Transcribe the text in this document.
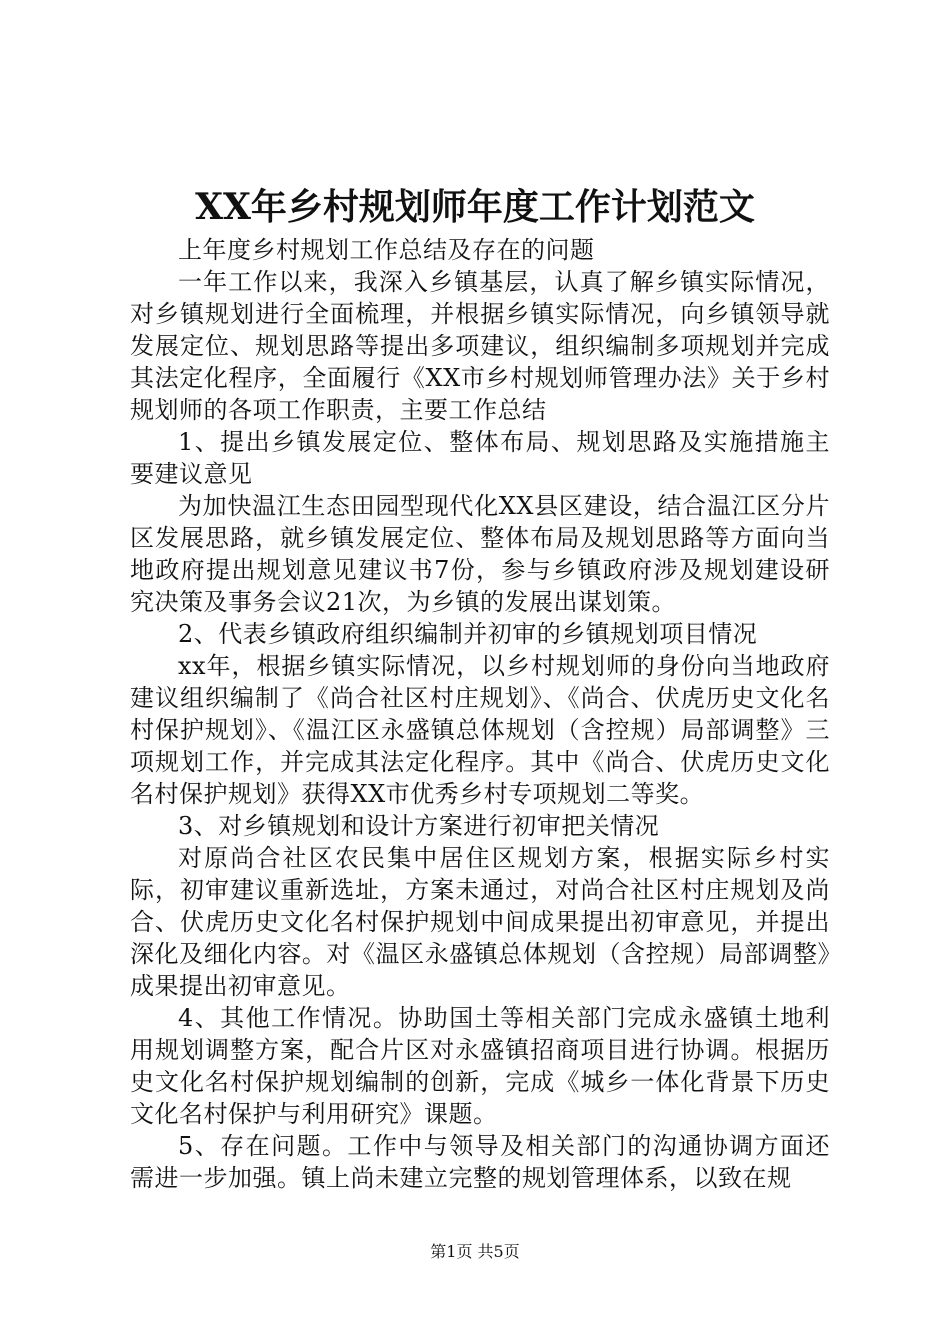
XX年乡村规划师年度工作计划范文

上年度乡村规划工作总结及存在的问题

一年工作以来，我深入乡镇基层，认真了解乡镇实际情况，对乡镇规划进行全面梳理，并根据乡镇实际情况，向乡镇领导就发展定位、规划思路等提出多项建议，组织编制多项规划并完成其法定化程序，全面履行《XX市乡村规划师管理办法》关于乡村规划师的各项工作职责，主要工作总结

1、提出乡镇发展定位、整体布局、规划思路及实施措施主要建议意见

为加快温江生态田园型现代化XX县区建设，结合温江区分片区发展思路，就乡镇发展定位、整体布局及规划思路等方面向当地政府提出规划意见建议书7份，参与乡镇政府涉及规划建设研究决策及事务会议21次，为乡镇的发展出谋划策。

2、代表乡镇政府组织编制并初审的乡镇规划项目情况

xx年，根据乡镇实际情况，以乡村规划师的身份向当地政府建议组织编制了《尚合社区村庄规划》、《尚合、伏虎历史文化名村保护规划》、《温江区永盛镇总体规划（含控规）局部调整》三项规划工作，并完成其法定化程序。其中《尚合、伏虎历史文化名村保护规划》获得XX市优秀乡村专项规划二等奖。

3、对乡镇规划和设计方案进行初审把关情况

对原尚合社区农民集中居住区规划方案，根据实际乡村实际，初审建议重新选址，方案未通过，对尚合社区村庄规划及尚合、伏虎历史文化名村保护规划中间成果提出初审意见，并提出深化及细化内容。对《温区永盛镇总体规划（含控规）局部调整》成果提出初审意见。

4、其他工作情况。协助国土等相关部门完成永盛镇土地利用规划调整方案，配合片区对永盛镇招商项目进行协调。根据历史文化名村保护规划编制的创新，完成《城乡一体化背景下历史文化名村保护与利用研究》课题。

5、存在问题。工作中与领导及相关部门的沟通协调方面还需进一步加强。镇上尚未建立完整的规划管理体系，以致在规

第1页 共5页
